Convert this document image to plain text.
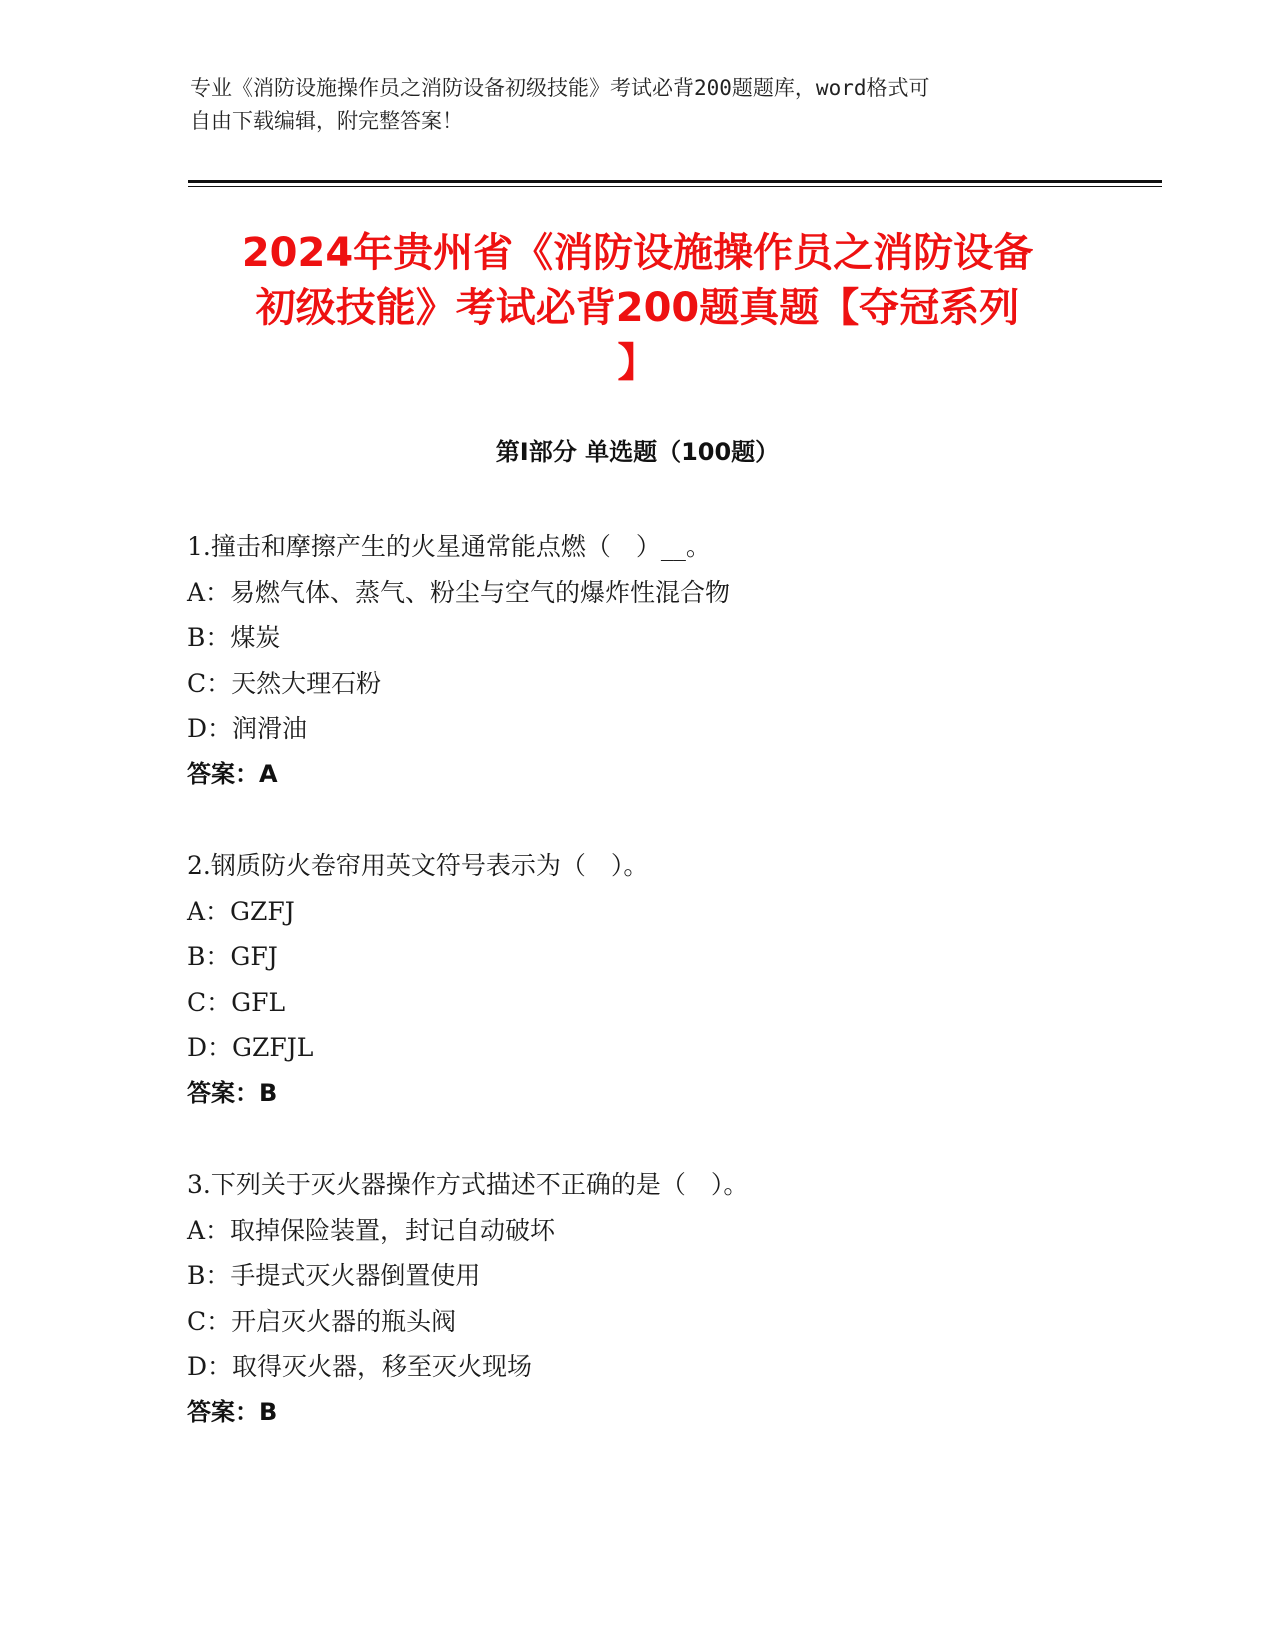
专业《消防设施操作员之消防设备初级技能》考试必背200题题库，word格式可
自由下载编辑，附完整答案！
2024年贵州省《消防设施操作员之消防设备
初级技能》考试必背200题真题【夺冠系列
】
第I部分 单选题（100题）
1.撞击和摩擦产生的火星通常能点燃（　）__。
A：易燃气体、蒸气、粉尘与空气的爆炸性混合物
B：煤炭
C：天然大理石粉
D：润滑油
答案：A
2.钢质防火卷帘用英文符号表示为（　）。
A：GZFJ
B：GFJ
C：GFL
D：GZFJL
答案：B
3.下列关于灭火器操作方式描述不正确的是（　）。
A：取掉保险装置，封记自动破坏
B：手提式灭火器倒置使用
C：开启灭火器的瓶头阀
D：取得灭火器，移至灭火现场
答案：B
